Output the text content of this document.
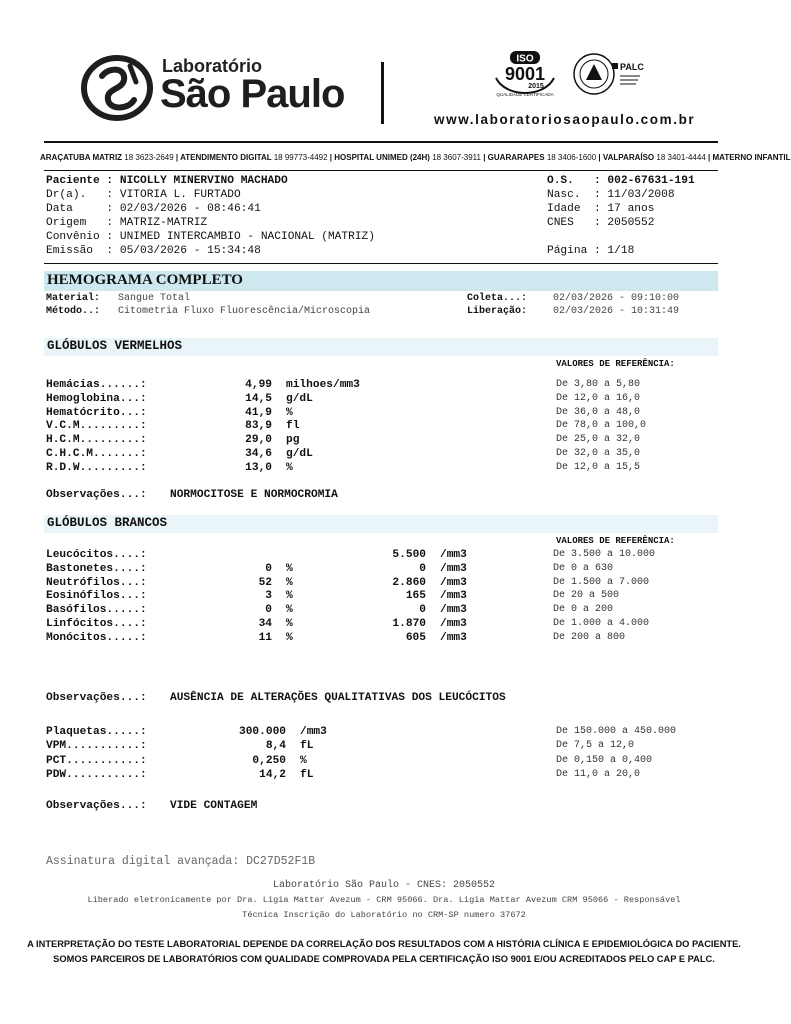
Laboratório
São Paulo
ISO
9001
2015
QUALIDADE CERTIFICADA
PALC
www.laboratoriosaopaulo.com.br
ARAÇATUBA MATRIZ 18 3623-2649 | ATENDIMENTO DIGITAL 18 99773-4492 | HOSPITAL UNIMED (24H) 18 3607-3911 | GUARARAPES 18 3406-1600 | VALPARAÍSO 18 3401-4444 | MATERNO INFANTIL
Paciente : NICOLLY MINERVINO MACHADO
Dr(a).   : VITORIA L. FURTADO
Data     : 02/03/2026 - 08:46:41
Origem   : MATRIZ-MATRIZ
Convênio : UNIMED INTERCAMBIO - NACIONAL (MATRIZ)
Emissão  : 05/03/2026 - 15:34:48
O.S.   : 002-67631-191
Nasc.  : 11/03/2008
Idade  : 17 anos
CNES   : 2050552
Página : 1/18
HEMOGRAMA COMPLETO
Material: Sangue Total
Método..: Citometria Fluxo Fluorescência/Microscopia
Coleta...:	02/03/2026 - 09:10:00
Liberação:	02/03/2026 - 10:31:49
GLÓBULOS VERMELHOS
VALORES DE REFERÊNCIA:
Hemácias......:	4,99 milhoes/mm3	De 3,80 a 5,80
Hemoglobina...:	14,5 g/dL	De 12,0 a 16,0
Hematócrito...:	41,9 %	De 36,0 a 48,0
V.C.M.........:	83,9 fl	De 78,0 a 100,0
H.C.M.........:	29,0 pg	De 25,0 a 32,0
C.H.C.M.......:	34,6 g/dL	De 32,0 a 35,0
R.D.W.........:	13,0 %	De 12,0 a 15,5
Observações...: NORMOCITOSE E NORMOCROMIA
GLÓBULOS BRANCOS
VALORES DE REFERÊNCIA:
Leucócitos....:	5.500 /mm3	De 3.500 a 10.000
Bastonetes....:	0 %	0 /mm3	De 0 a 630
Neutrófilos...:	52 %	2.860 /mm3	De 1.500 a 7.000
Eosinófilos...:	3 %	165 /mm3	De 20 a 500
Basófilos.....:	0 %	0 /mm3	De 0 a 200
Linfócitos....:	34 %	1.870 /mm3	De 1.000 a 4.000
Monócitos.....:	11 %	605 /mm3	De 200 a 800
Observações...: AUSÊNCIA DE ALTERAÇÕES QUALITATIVAS DOS LEUCÓCITOS
Plaquetas.....:	300.000 /mm3	De 150.000 a 450.000
VPM...........:	8,4 fL	De 7,5 a 12,0
PCT...........:	0,250 %	De 0,150 a 0,400
PDW...........:	14,2 fL	De 11,0 a 20,0
Observações...: VIDE CONTAGEM
Assinatura digital avançada: DC27D52F1B
Laboratório São Paulo - CNES: 2050552
Liberado eletronicamente por Dra. Ligia Mattar Avezum - CRM 95066. Dra. Ligia Mattar Avezum CRM 95066 - Responsável
Técnica Inscrição do Laboratório no CRM-SP numero 37672
A INTERPRETAÇÃO DO TESTE LABORATORIAL DEPENDE DA CORRELAÇÃO DOS RESULTADOS COM A HISTÓRIA CLÍNICA E EPIDEMIOLÓGICA DO PACIENTE.
SOMOS PARCEIROS DE LABORATÓRIOS COM QUALIDADE COMPROVADA PELA CERTIFICAÇÃO ISO 9001 E/OU ACREDITADOS PELO CAP E PALC.
